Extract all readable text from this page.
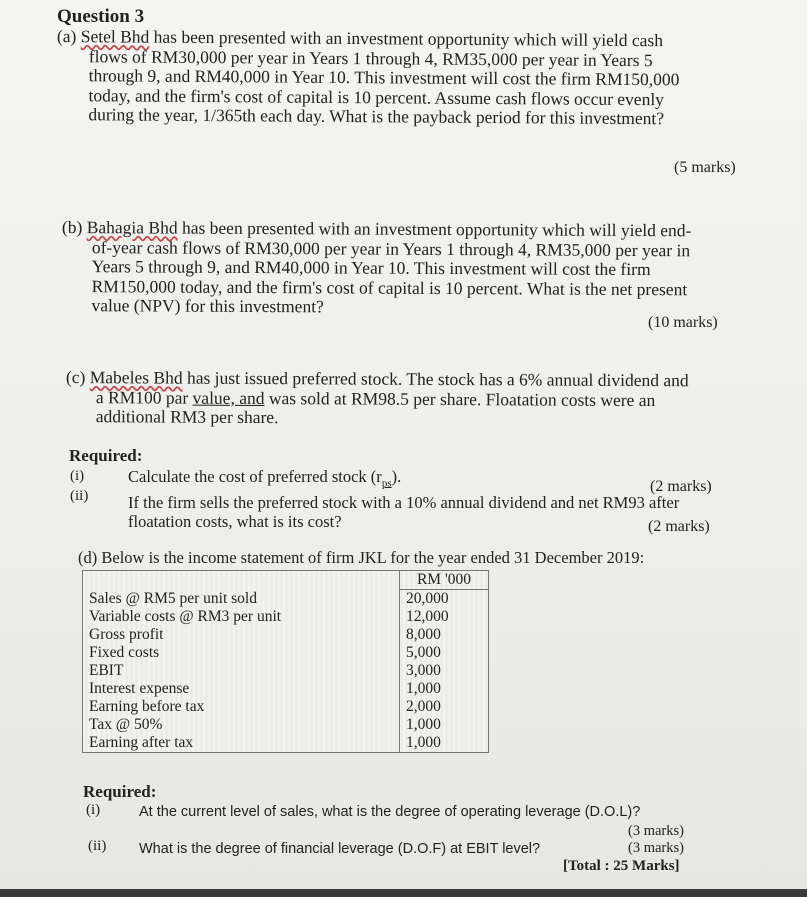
Question 3
(a) Setel Bhd has been presented with an investment opportunity which will yield cash
flows of RM30,000 per year in Years 1 through 4, RM35,000 per year in Years 5
through 9, and RM40,000 in Year 10. This investment will cost the firm RM150,000
today, and the firm's cost of capital is 10 percent. Assume cash flows occur evenly
during the year, 1/365th each day. What is the payback period for this investment?
(5 marks)
(b) Bahagia Bhd has been presented with an investment opportunity which will yield end-
of-year cash flows of RM30,000 per year in Years 1 through 4, RM35,000 per year in
Years 5 through 9, and RM40,000 in Year 10. This investment will cost the firm
RM150,000 today, and the firm's cost of capital is 10 percent. What is the net present
value (NPV) for this investment?
(10 marks)
(c) Mabeles Bhd has just issued preferred stock. The stock has a 6% annual dividend and
a RM100 par value, and was sold at RM98.5 per share. Floatation costs were an
additional RM3 per share.
Required:
(i)	Calculate the cost of preferred stock $(r_{ps})$.
(2 marks)
(ii) If the firm sells the preferred stock with a 10% annual dividend and net RM93 after
floatation costs, what is its cost?	(2 marks)
(d) Below is the income statement of firm JKL for the year ended 31 December 2019:
	RM '000
Sales @ RM5 per unit sold	20,000
Variable costs @ RM3 per unit	12,000
Gross profit	8,000
Fixed costs	5,000
EBIT	3,000
Interest expense	1,000
Earning before tax	2,000
Tax @ 50%	1,000
Earning after tax	1,000
Required:
(i)	At the current level of sales, what is the degree of operating leverage (D.O.L)?
(3 marks)
(ii) What is the degree of financial leverage (D.O.F) at EBIT level?	(3 marks)
[Total : 25 Marks]
